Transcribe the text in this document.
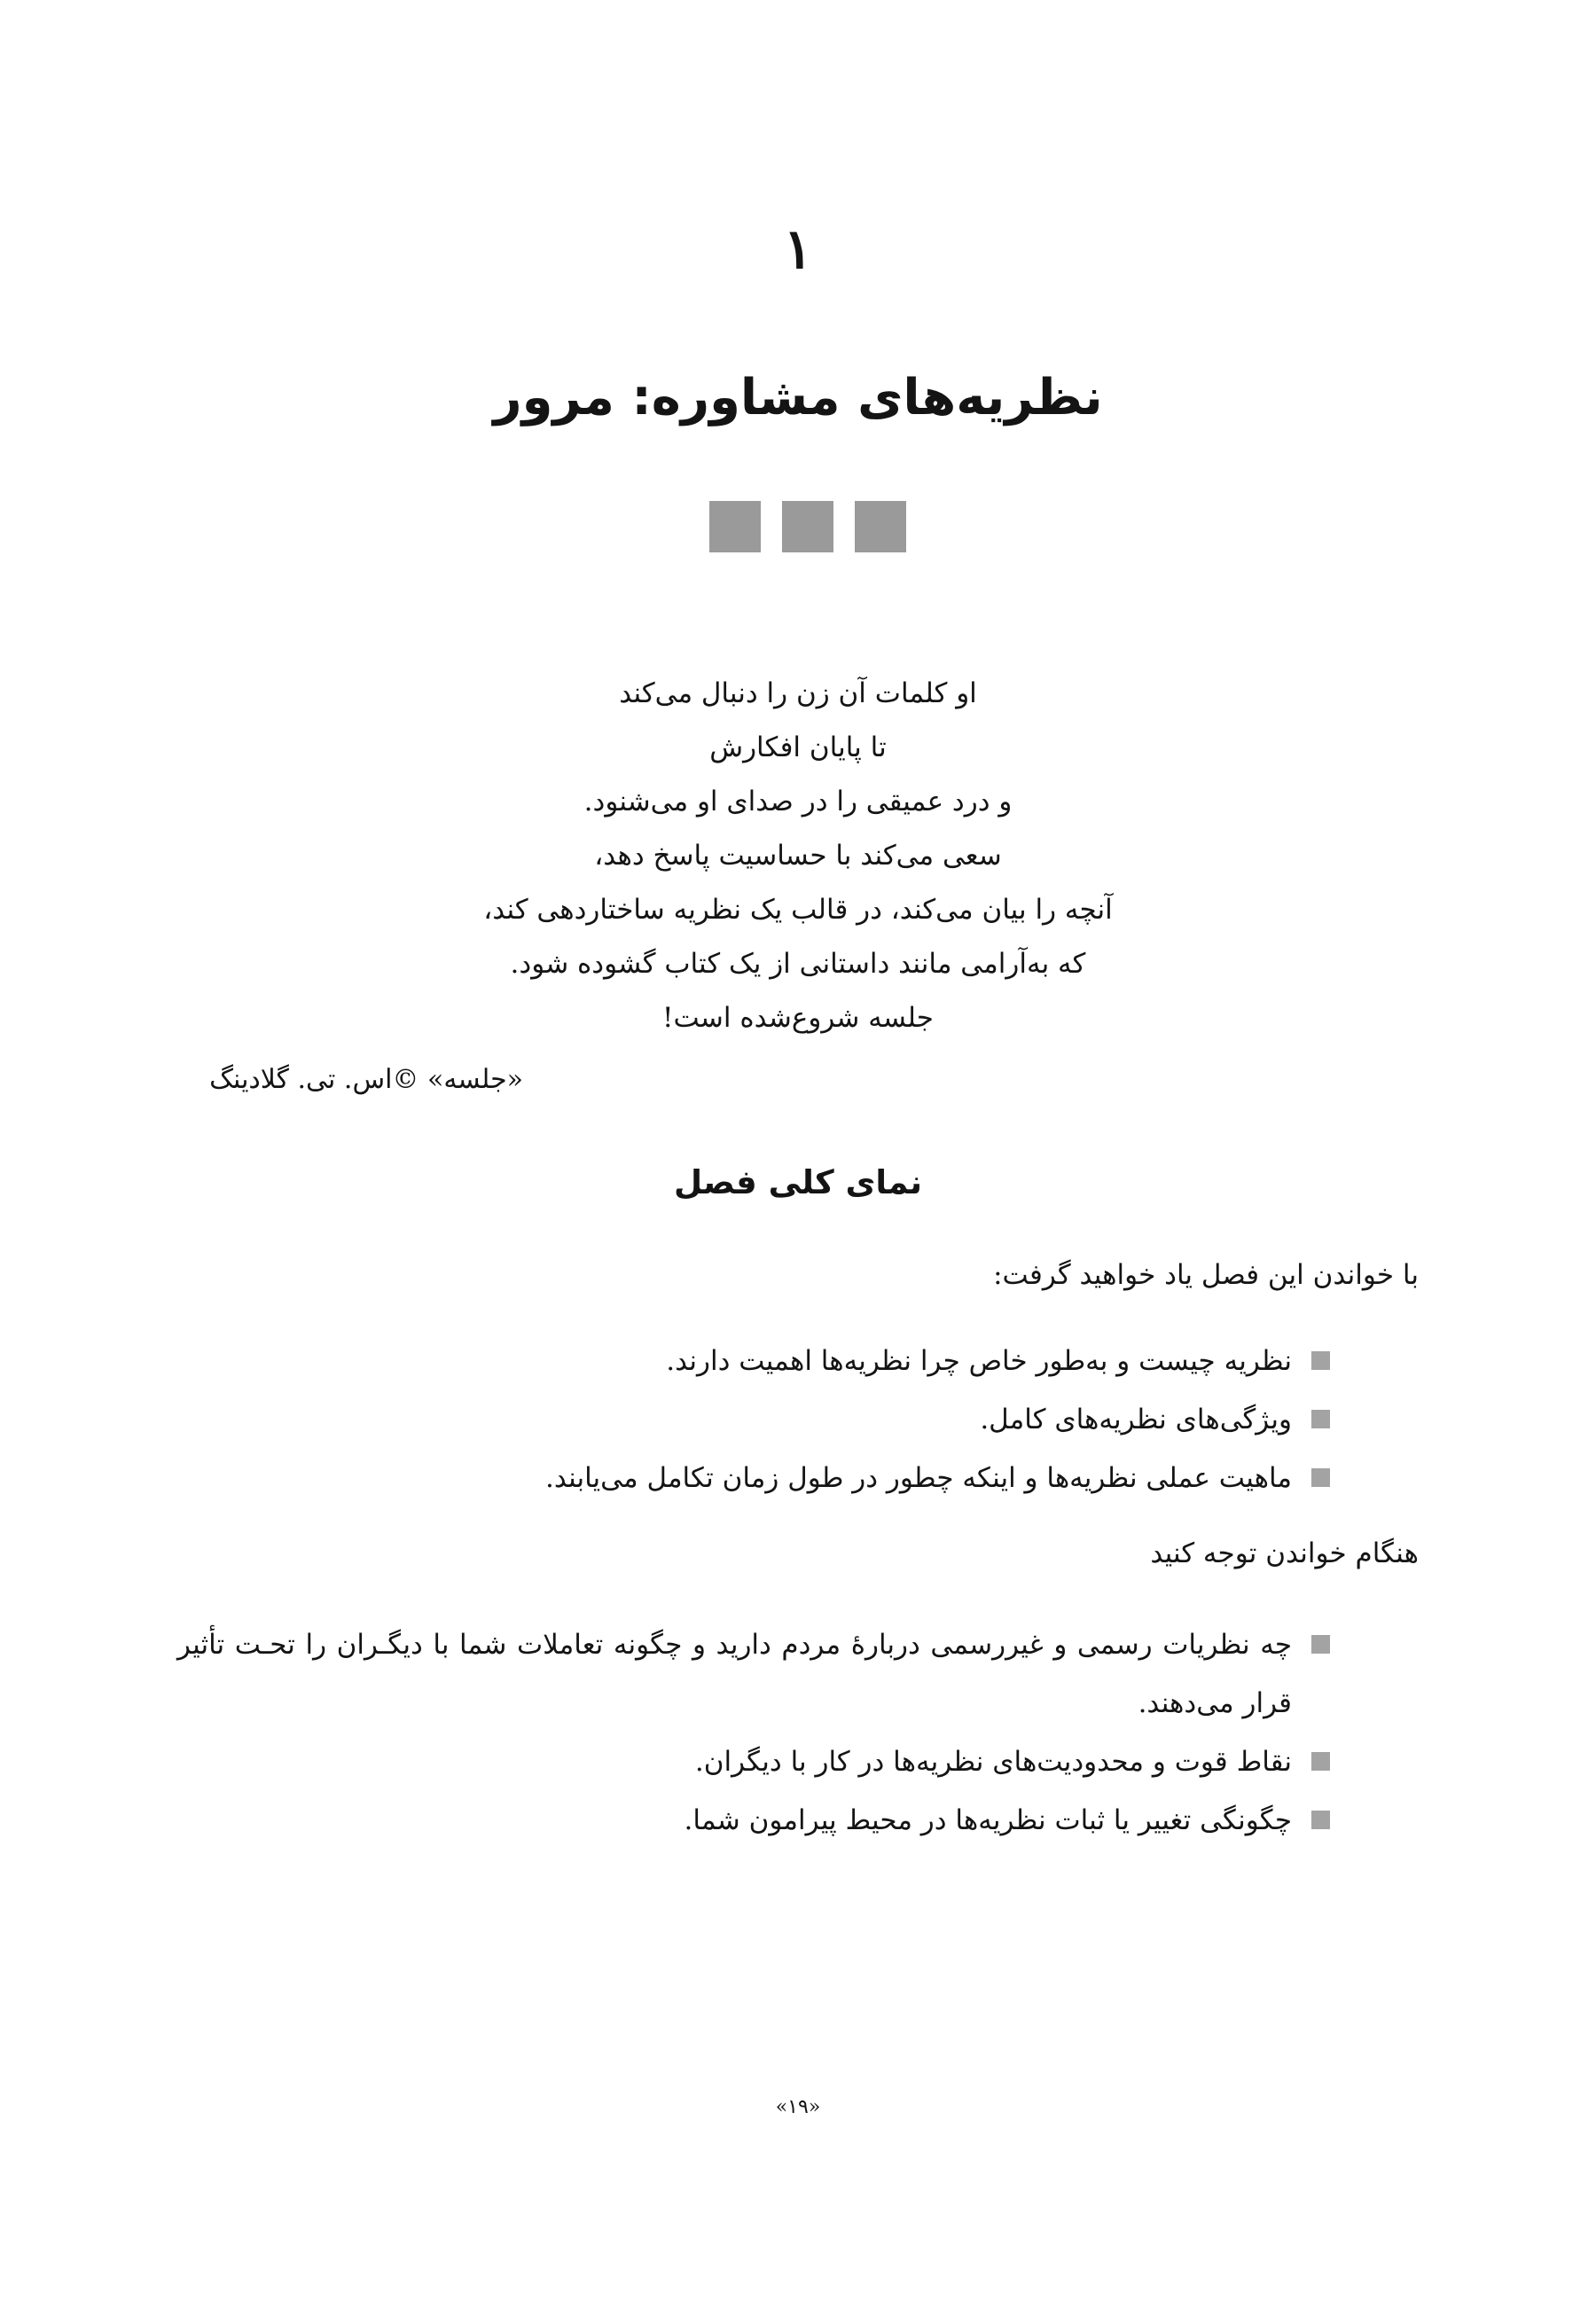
۱
نظریه‌های مشاوره: مرور
او کلمات آن زن را دنبال می‌کند
تا پایان افکارش
و درد عمیقی را در صدای او می‌شنود.
سعی می‌کند با حساسیت پاسخ دهد،
آنچه را بیان می‌کند، در قالب یک نظریه ساختاردهی کند،
که به‌آرامی مانند داستانی از یک کتاب گشوده شود.
جلسه شروع‌شده است!
«جلسه» ©اس. تی. گلادینگ
نمای کلی فصل
با خواندن این فصل یاد خواهید گرفت:
نظریه چیست و به‌طور خاص چرا نظریه‌ها اهمیت دارند.
ویژگی‌های نظریه‌های کامل.
ماهیت عملی نظریه‌ها و اینکه چطور در طول زمان تکامل می‌یابند.
هنگام خواندن توجه کنید
چه نظریات رسمی و غیررسمی دربارهٔ مردم دارید و چگونه تعاملات شما با دیگـران را تحـت تأثیر قرار می‌دهند.
نقاط قوت و محدودیت‌های نظریه‌ها در کار با دیگران.
چگونگی تغییر یا ثبات نظریه‌ها در محیط پیرامون شما.
«۱۹»
